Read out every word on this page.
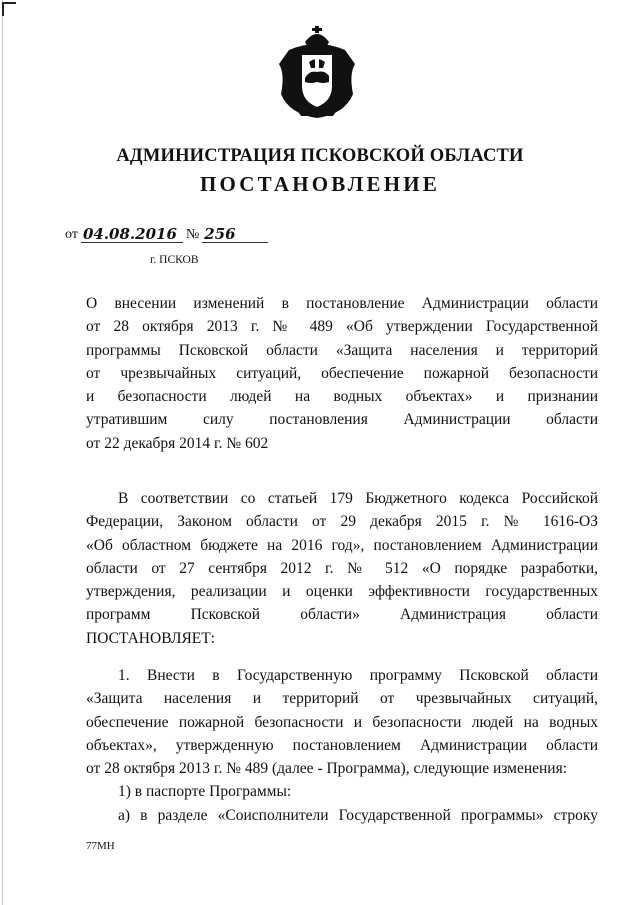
АДМИНИСТРАЦИЯ ПСКОВСКОЙ ОБЛАСТИ
ПОСТАНОВЛЕНИЕ
от 04.08.2016 № 256
г. ПСКОВ
О внесении изменений в постановление Администрации области
от 28 октября 2013 г. № 489 «Об утверждении Государственной
программы Псковской области «Защита населения и территорий
от чрезвычайных ситуаций, обеспечение пожарной безопасности
и безопасности людей на водных объектах» и признании
утратившим силу постановления Администрации области
от 22 декабря 2014 г. № 602
В соответствии со статьей 179 Бюджетного кодекса Российской
Федерации, Законом области от 29 декабря 2015 г. № 1616-ОЗ
«Об областном бюджете на 2016 год», постановлением Администрации
области от 27 сентября 2012 г. № 512 «О порядке разработки,
утверждения, реализации и оценки эффективности государственных
программ Псковской области» Администрация области
ПОСТАНОВЛЯЕТ:
1. Внести в Государственную программу Псковской области
«Защита населения и территорий от чрезвычайных ситуаций,
обеспечение пожарной безопасности и безопасности людей на водных
объектах», утвержденную постановлением Администрации области
от 28 октября 2013 г. № 489 (далее - Программа), следующие изменения:
1) в паспорте Программы:
а) в разделе «Соисполнители Государственной программы» строку
77МН
